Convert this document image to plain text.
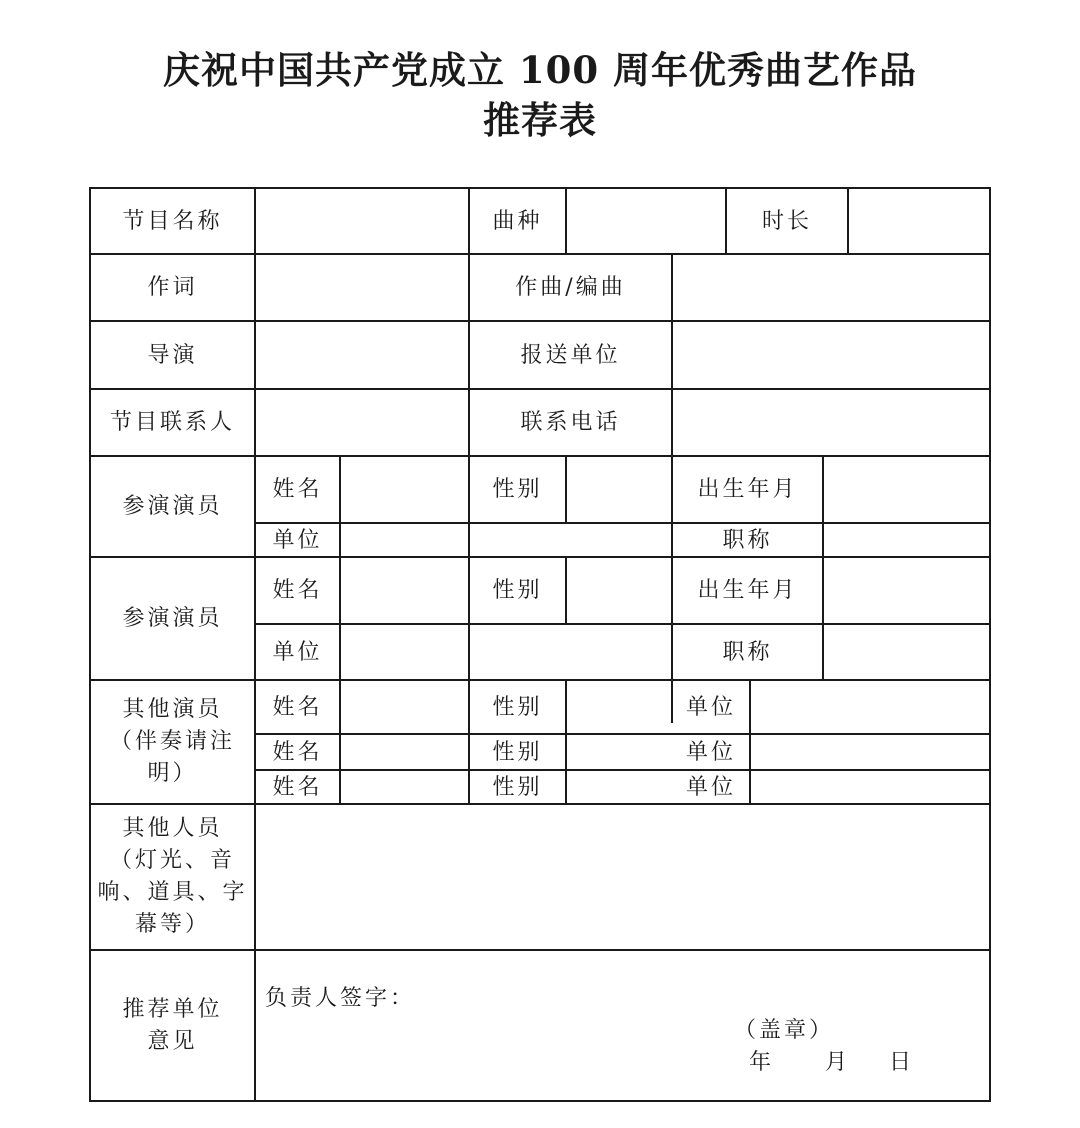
庆祝中国共产党成立 100 周年优秀曲艺作品
推荐表
节目名称	曲种	时长
作词	作曲/编曲
导演	报送单位
节目联系人	联系电话
参演演员
姓名	性别	出生年月
单位	职称
参演演员
姓名	性别	出生年月
单位	职称
其他演员
（伴奏请注
明）
姓名	性别	单位
姓名	性别	单位
姓名	性别	单位
其他人员
（灯光、音
响、道具、字
幕等）
推荐单位
意见
负责人签字：
（盖章）
年 月 日
